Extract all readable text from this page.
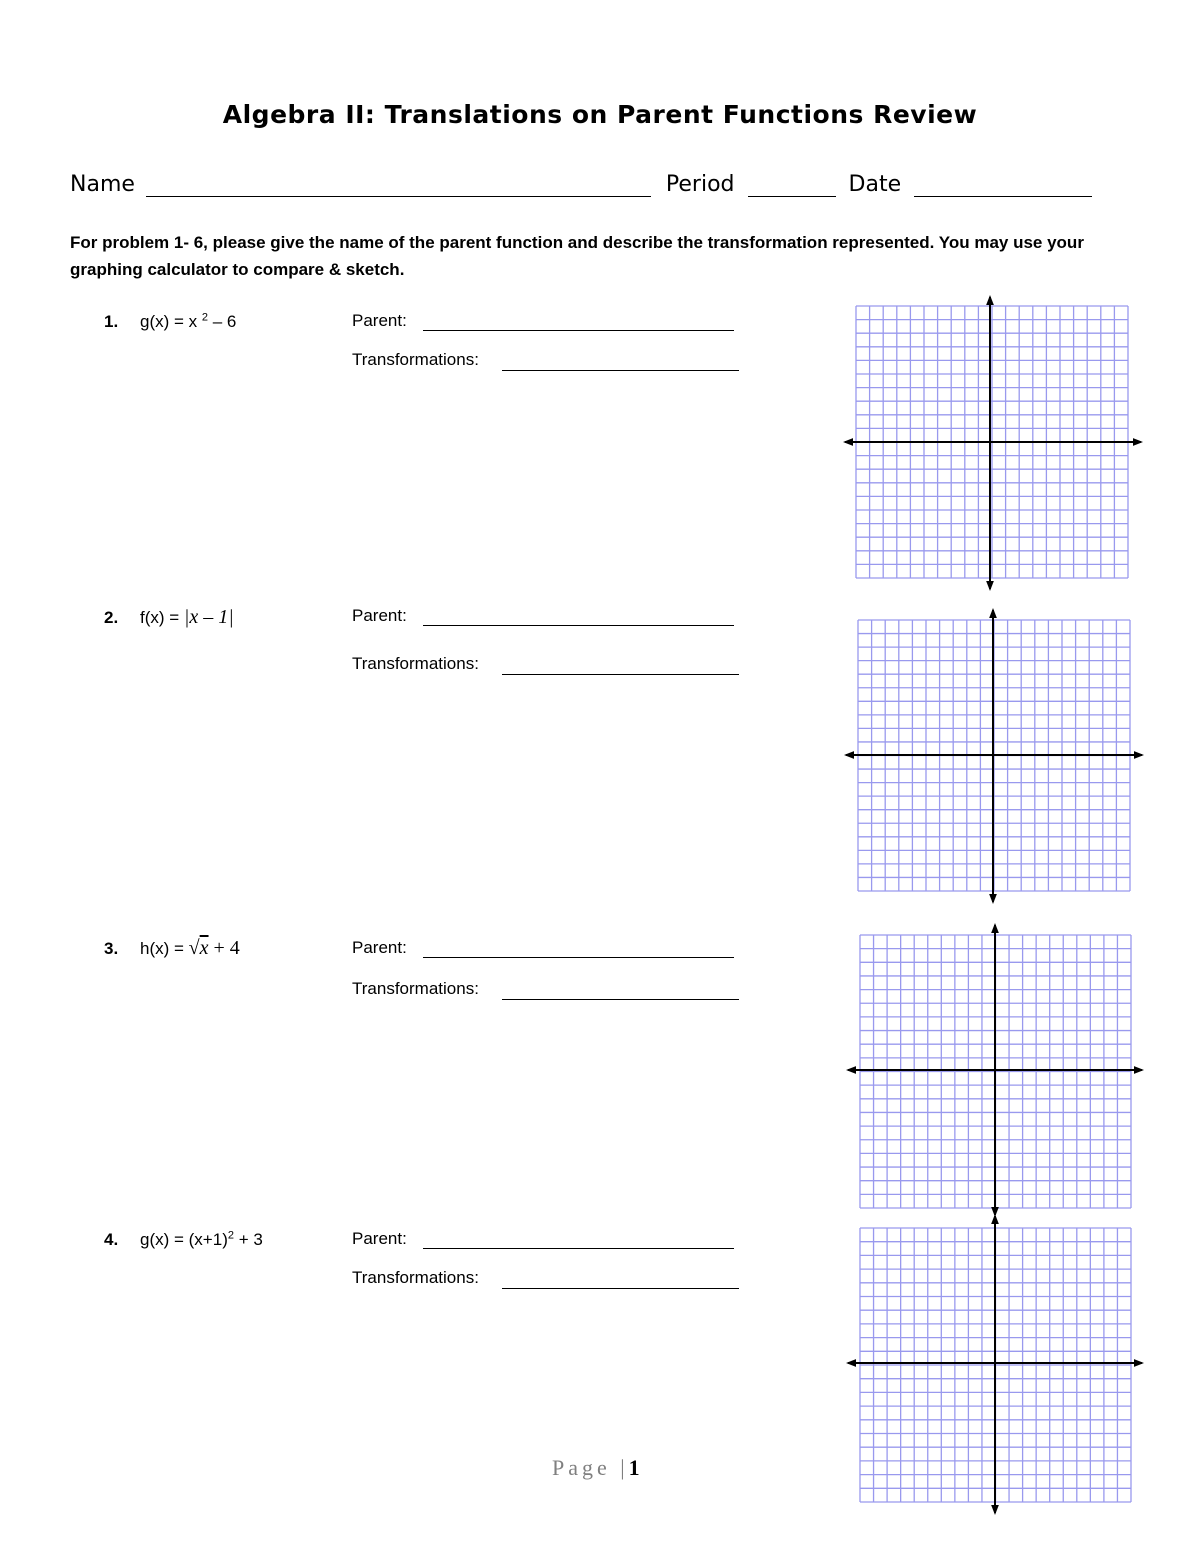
Algebra II: Translations on Parent Functions Review
Name	Period	Date
For problem 1- 6, please give the name of the parent function and describe the transformation represented. You may use your graphing calculator to compare & sketch.
1. g(x) = x $^2$ – 6	Parent:
Transformations:
2. f(x) = |x – 1|	Parent:
Transformations:
3. h(x) = √x + 4	Parent:
Transformations:
4. $g(x) = (x+1)^2 + 3$	Parent:
Transformations:
Page |1
